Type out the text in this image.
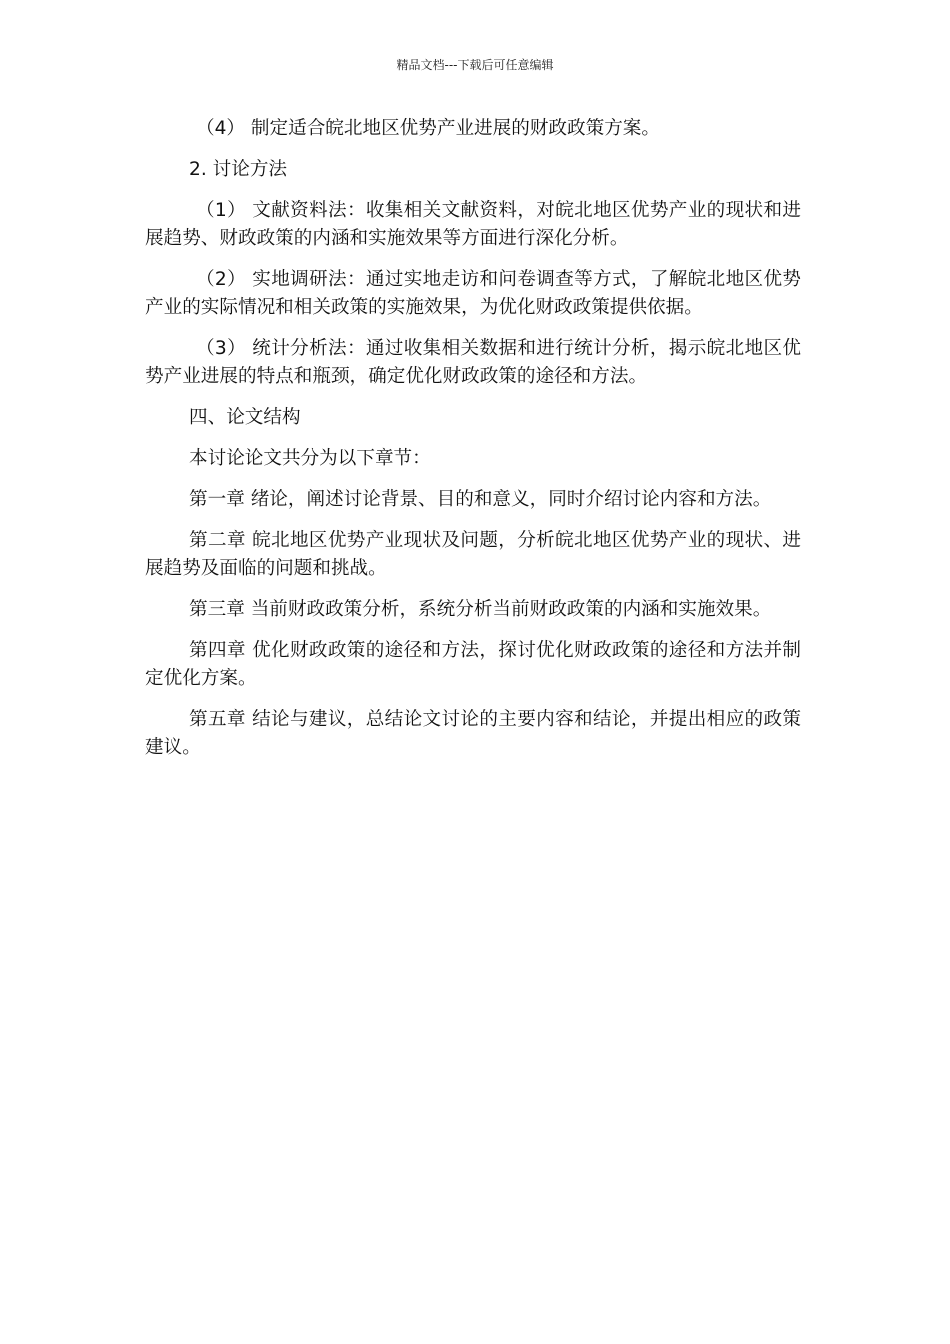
精品文档---下载后可任意编辑

（4） 制定适合皖北地区优势产业进展的财政政策方案。

2. 讨论方法

（1） 文献资料法：收集相关文献资料，对皖北地区优势产业的现状和进展趋势、财政政策的内涵和实施效果等方面进行深化分析。

（2） 实地调研法：通过实地走访和问卷调查等方式，了解皖北地区优势产业的实际情况和相关政策的实施效果，为优化财政政策提供依据。

（3） 统计分析法：通过收集相关数据和进行统计分析，揭示皖北地区优势产业进展的特点和瓶颈，确定优化财政政策的途径和方法。

四、论文结构

本讨论论文共分为以下章节：

第一章 绪论，阐述讨论背景、目的和意义，同时介绍讨论内容和方法。

第二章 皖北地区优势产业现状及问题，分析皖北地区优势产业的现状、进展趋势及面临的问题和挑战。

第三章 当前财政政策分析，系统分析当前财政政策的内涵和实施效果。

第四章 优化财政政策的途径和方法，探讨优化财政政策的途径和方法并制定优化方案。

第五章 结论与建议，总结论文讨论的主要内容和结论，并提出相应的政策建议。
